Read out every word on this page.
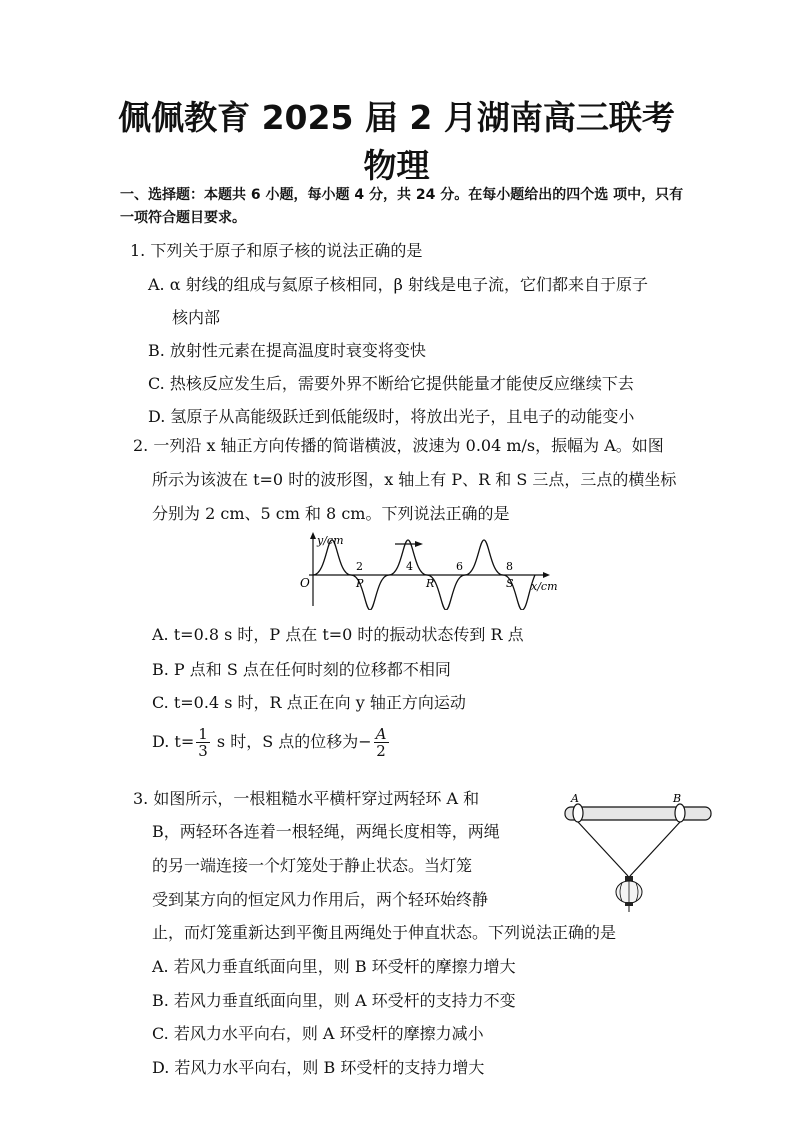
佩佩教育 2025 届 2 月湖南高三联考
物理
一、选择题：本题共 6 小题，每小题 4 分，共 24 分。在每小题给出的四个选 项中，只有
一项符合题目要求。
1. 下列关于原子和原子核的说法正确的是
A. α 射线的组成与氦原子核相同，β 射线是电子流，它们都来自于原子
核内部
B. 放射性元素在提高温度时衰变将变快
C. 热核反应发生后，需要外界不断给它提供能量才能使反应继续下去
D. 氢原子从高能级跃迁到低能级时，将放出光子，且电子的动能变小
2. 一列沿 x 轴正方向传播的简谐横波，波速为 0.04 m/s，振幅为 A。如图
所示为该波在 t=0 时的波形图，x 轴上有 P、R 和 S 三点，三点的横坐标
分别为 2 cm、5 cm 和 8 cm。下列说法正确的是
y/cm
x/cm
O
2	4	6	8
P	R	S
A. t=0.8 s 时，P 点在 t=0 时的振动状态传到 R 点
B. P 点和 S 点在任何时刻的位移都不相同
C. t=0.4 s 时，R 点正在向 y 轴正方向运动
D. $t= \frac{1}{3}$ s 时，S 点的位移为− $\frac{A}{2}$
3. 如图所示，一根粗糙水平横杆穿过两轻环 A 和
B，两轻环各连着一根轻绳，两绳长度相等，两绳
的另一端连接一个灯笼处于静止状态。当灯笼
受到某方向的恒定风力作用后，两个轻环始终静
止，而灯笼重新达到平衡且两绳处于伸直状态。下列说法正确的是
A	B
A. 若风力垂直纸面向里，则 B 环受杆的摩擦力增大
B. 若风力垂直纸面向里，则 A 环受杆的支持力不变
C. 若风力水平向右，则 A 环受杆的摩擦力减小
D. 若风力水平向右，则 B 环受杆的支持力增大
